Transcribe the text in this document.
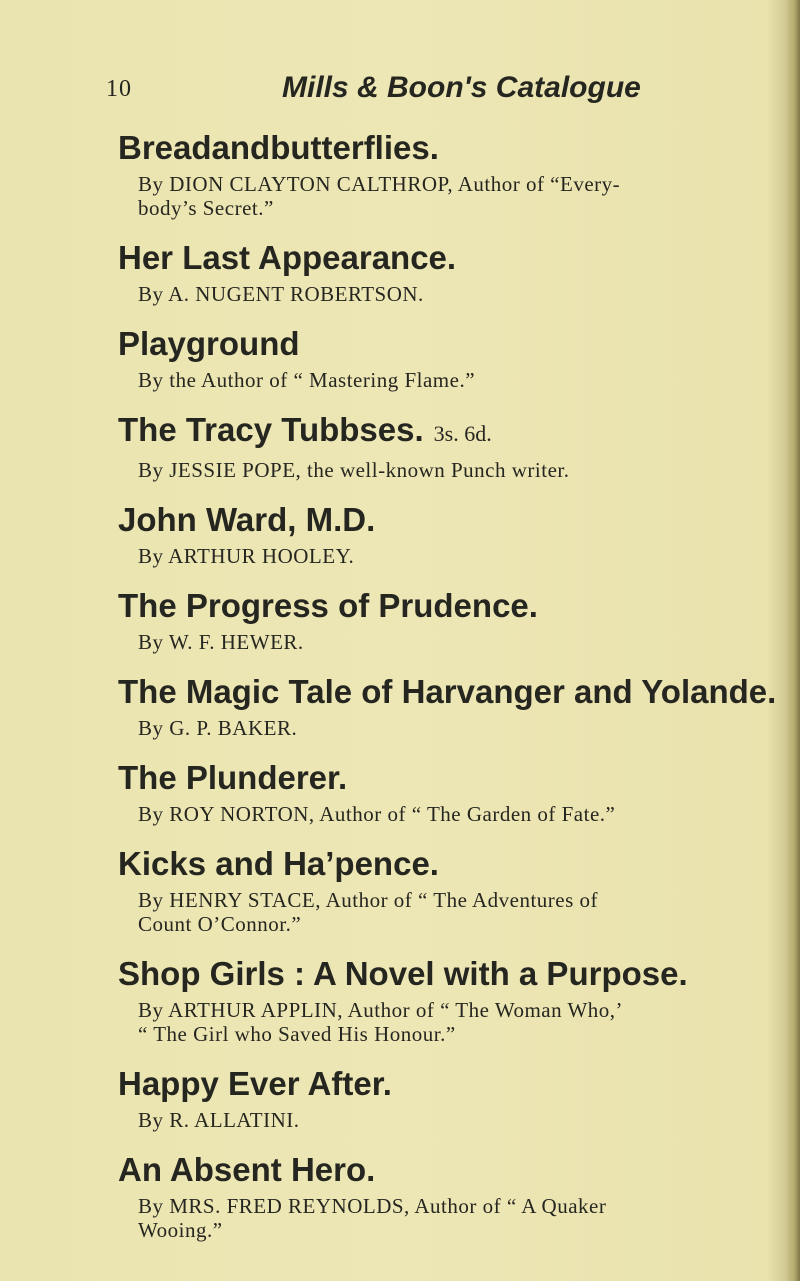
10	Mills & Boon's Catalogue
Breadandbutterflies.
By DION CLAYTON CALTHROP, Author of “Every-
body’s Secret.”
Her Last Appearance.
By A. NUGENT ROBERTSON.
Playground
By the Author of “ Mastering Flame.”
The Tracy Tubbses. 3s. 6d.
By JESSIE POPE, the well-known Punch writer.
John Ward, M.D.
By ARTHUR HOOLEY.
The Progress of Prudence.
By W. F. HEWER.
The Magic Tale of Harvanger and Yolande.
By G. P. BAKER.
The Plunderer.
By ROY NORTON, Author of “ The Garden of Fate.”
Kicks and Ha’pence.
By HENRY STACE, Author of “ The Adventures of
Count O’Connor.”
Shop Girls : A Novel with a Purpose.
By ARTHUR APPLIN, Author of “ The Woman Who,’
“ The Girl who Saved His Honour.”
Happy Ever After.
By R. ALLATINI.
An Absent Hero.
By MRS. FRED REYNOLDS, Author of “ A Quaker
Wooing.”
